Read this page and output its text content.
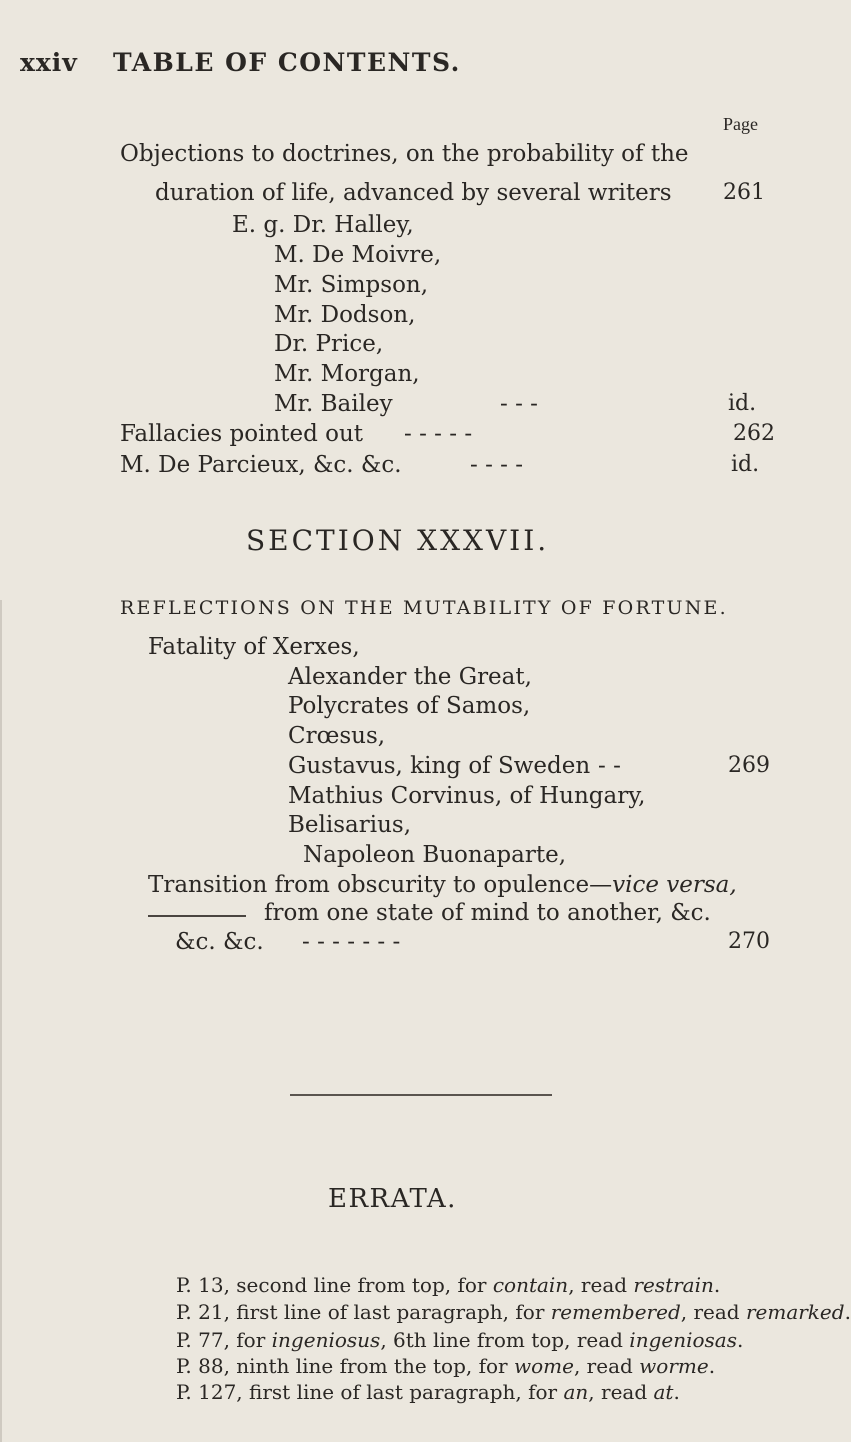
xxiv TABLE OF CONTENTS.
Page
Objections to doctrines, on the probability of the
duration of life, advanced by several writers 261
E. g. Dr. Halley,
M. De Moivre,
Mr. Simpson,
Mr. Dodson,
Dr. Price,
Mr. Morgan,
Mr. Bailey	- - -	id.
Fallacies pointed out - - - - -	262
M. De Parcieux, &c. &c.	- - - -	id.
SECTION XXXVII.
REFLECTIONS ON THE MUTABILITY OF FORTUNE.
Fatality of Xerxes,
Alexander the Great,
Polycrates of Samos,
Crœsus,
Gustavus, king of Sweden - -	269
Mathius Corvinus, of Hungary,
Belisarius,
Napoleon Buonaparte,
Transition from obscurity to opulence—vice versa,
from one state of mind to another, &c.
&c. &c. - - - - - - -	270
ERRATA.
P. 13, second line from top, for contain, read restrain.
P. 21, first line of last paragraph, for remembered, read remarked.
P. 77, for ingeniosus, 6th line from top, read ingeniosas.
P. 88, ninth line from the top, for wome, read worme.
P. 127, first line of last paragraph, for an, read at.
